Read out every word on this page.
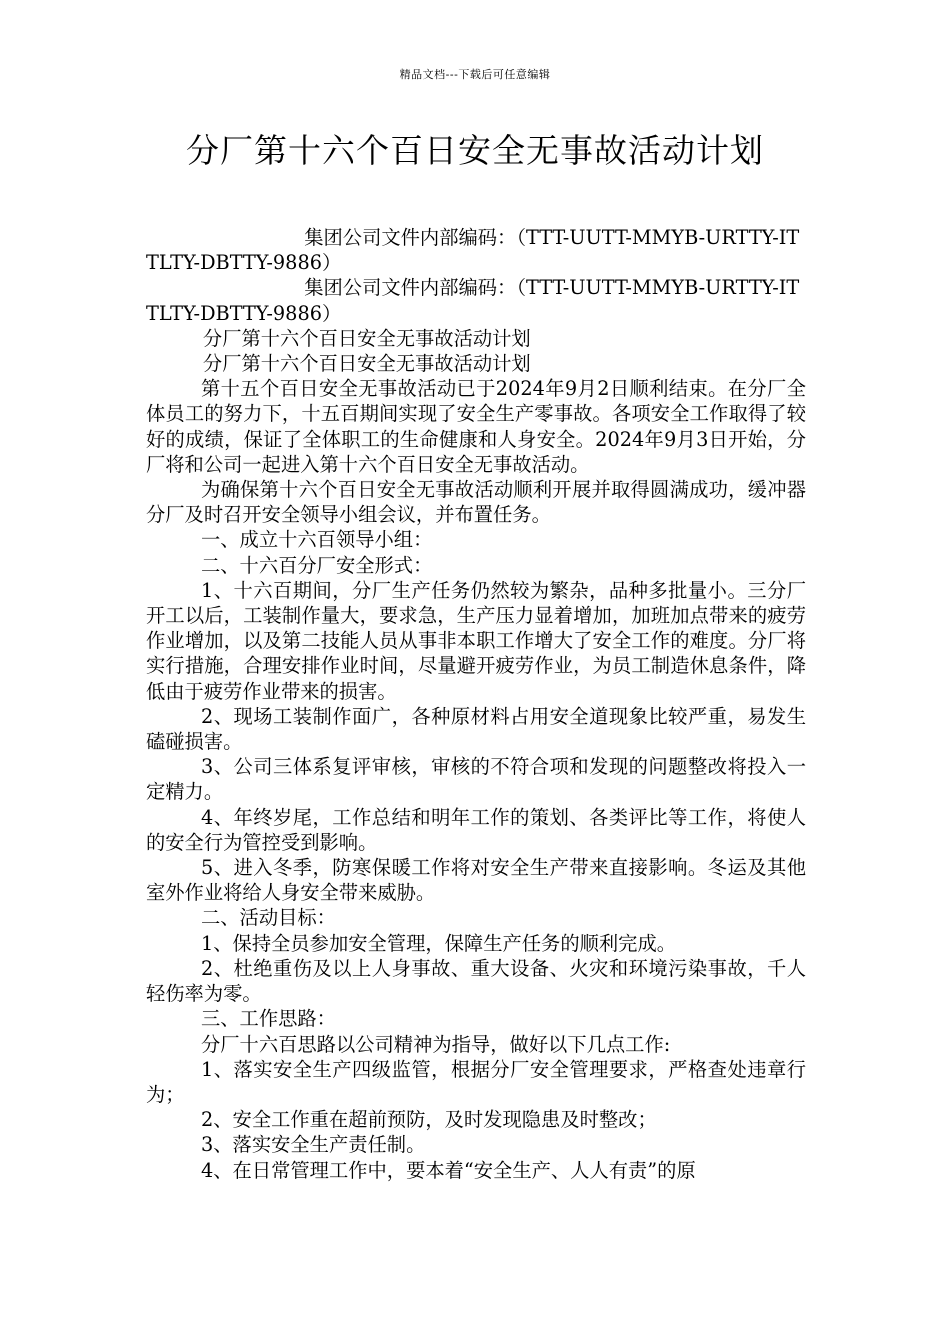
精品文档---下载后可任意编辑
分厂第十六个百日安全无事故活动计划

集团公司文件内部编码：（TTT-UUTT-MMYB-URTTY-ITTLTY-DBTTY-9886）

集团公司文件内部编码：（TTT-UUTT-MMYB-URTTY-ITTLTY-DBTTY-9886）

分厂第十六个百日安全无事故活动计划

分厂第十六个百日安全无事故活动计划

第十五个百日安全无事故活动已于2024年9月2日顺利结束。在分厂全体员工的努力下，十五百期间实现了安全生产零事故。各项安全工作取得了较好的成绩，保证了全体职工的生命健康和人身安全。2024年9月3日开始，分厂将和公司一起进入第十六个百日安全无事故活动。

为确保第十六个百日安全无事故活动顺利开展并取得圆满成功，缓冲器分厂及时召开安全领导小组会议，并布置任务。

一、成立十六百领导小组：

二、十六百分厂安全形式：

1、十六百期间，分厂生产任务仍然较为繁杂，品种多批量小。三分厂开工以后，工装制作量大，要求急，生产压力显着增加，加班加点带来的疲劳作业增加，以及第二技能人员从事非本职工作增大了安全工作的难度。分厂将实行措施，合理安排作业时间，尽量避开疲劳作业，为员工制造休息条件，降低由于疲劳作业带来的损害。

2、现场工装制作面广，各种原材料占用安全道现象比较严重，易发生磕碰损害。

3、公司三体系复评审核，审核的不符合项和发现的问题整改将投入一定精力。

4、年终岁尾，工作总结和明年工作的策划、各类评比等工作，将使人的安全行为管控受到影响。

5、进入冬季，防寒保暖工作将对安全生产带来直接影响。冬运及其他室外作业将给人身安全带来威胁。

二、活动目标：

1、保持全员参加安全管理，保障生产任务的顺利完成。

2、杜绝重伤及以上人身事故、重大设备、火灾和环境污染事故，千人轻伤率为零。

三、工作思路：

分厂十六百思路以公司精神为指导，做好以下几点工作:

1、落实安全生产四级监管，根据分厂安全管理要求，严格查处违章行为；

2、安全工作重在超前预防，及时发现隐患及时整改；

3、落实安全生产责任制。

4、在日常管理工作中，要本着“安全生产、人人有责”的原
